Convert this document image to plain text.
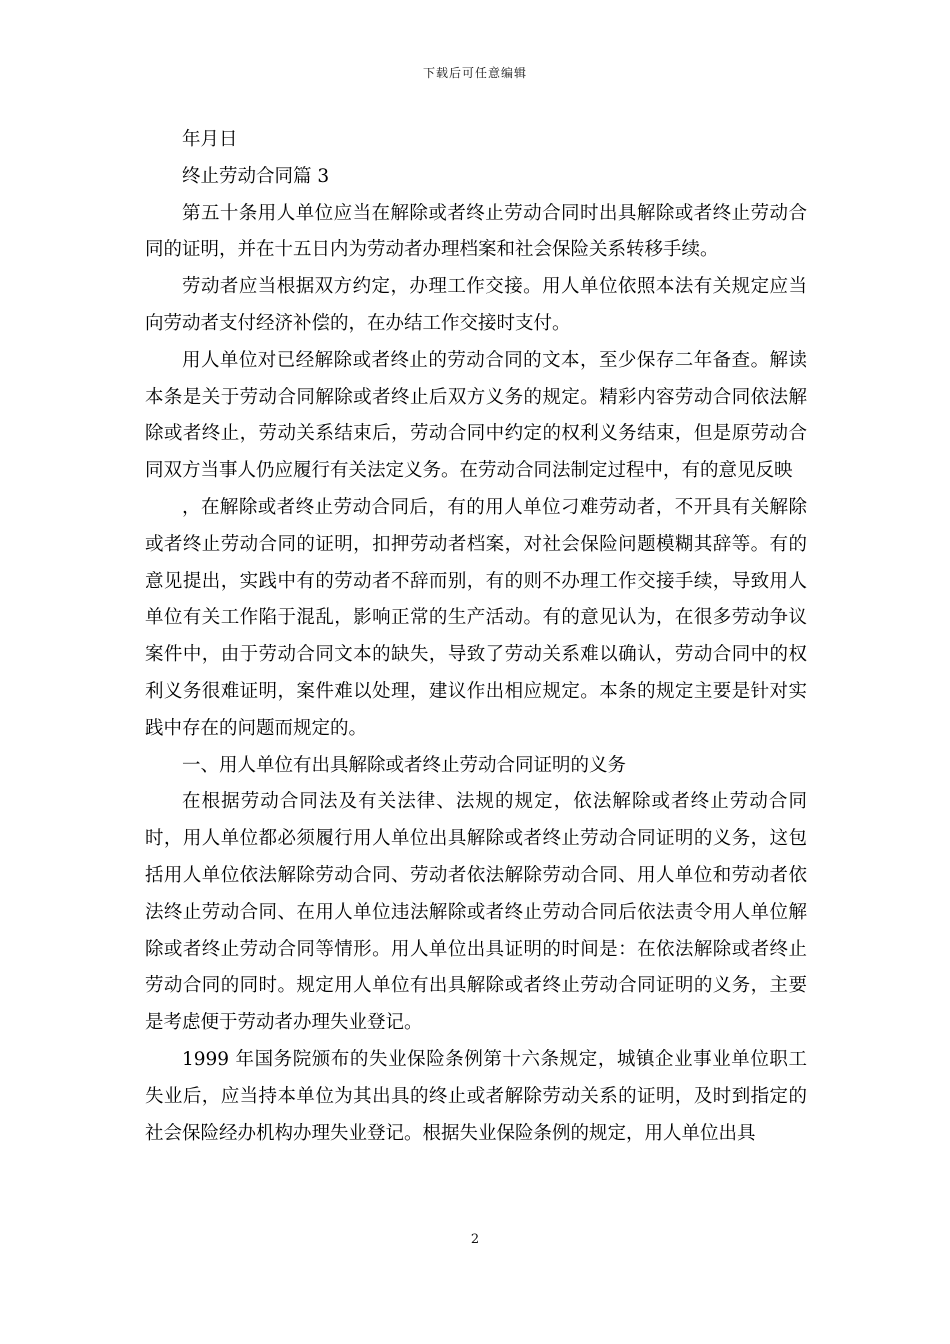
下载后可任意编辑

年月日

终止劳动合同篇 3

第五十条用人单位应当在解除或者终止劳动合同时出具解除或者终止劳动合同的证明，并在十五日内为劳动者办理档案和社会保险关系转移手续。

劳动者应当根据双方约定，办理工作交接。用人单位依照本法有关规定应当向劳动者支付经济补偿的，在办结工作交接时支付。

用人单位对已经解除或者终止的劳动合同的文本，至少保存二年备查。解读本条是关于劳动合同解除或者终止后双方义务的规定。精彩内容劳动合同依法解除或者终止，劳动关系结束后，劳动合同中约定的权利义务结束，但是原劳动合同双方当事人仍应履行有关法定义务。在劳动合同法制定过程中，有的意见反映

，在解除或者终止劳动合同后，有的用人单位刁难劳动者，不开具有关解除或者终止劳动合同的证明，扣押劳动者档案，对社会保险问题模糊其辞等。有的意见提出，实践中有的劳动者不辞而别，有的则不办理工作交接手续，导致用人单位有关工作陷于混乱，影响正常的生产活动。有的意见认为，在很多劳动争议案件中，由于劳动合同文本的缺失，导致了劳动关系难以确认，劳动合同中的权利义务很难证明，案件难以处理，建议作出相应规定。本条的规定主要是针对实践中存在的问题而规定的。

一、用人单位有出具解除或者终止劳动合同证明的义务

在根据劳动合同法及有关法律、法规的规定，依法解除或者终止劳动合同时，用人单位都必须履行用人单位出具解除或者终止劳动合同证明的义务，这包括用人单位依法解除劳动合同、劳动者依法解除劳动合同、用人单位和劳动者依法终止劳动合同、在用人单位违法解除或者终止劳动合同后依法责令用人单位解除或者终止劳动合同等情形。用人单位出具证明的时间是：在依法解除或者终止劳动合同的同时。规定用人单位有出具解除或者终止劳动合同证明的义务，主要是考虑便于劳动者办理失业登记。

1999 年国务院颁布的失业保险条例第十六条规定，城镇企业事业单位职工失业后，应当持本单位为其出具的终止或者解除劳动关系的证明，及时到指定的社会保险经办机构办理失业登记。根据失业保险条例的规定，用人单位出具

2
